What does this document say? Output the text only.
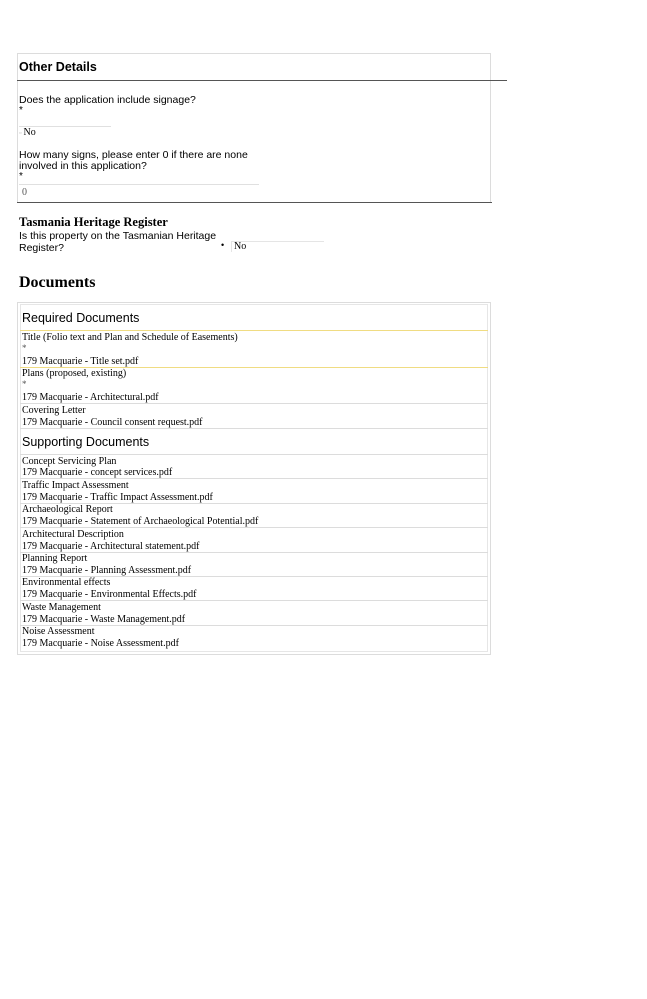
Other Details
Does the application include signage?
*
▫ No
How many signs, please enter 0 if there are none
involved in this application?
*
0
Tasmania Heritage Register
Is this property on the Tasmanian Heritage
Register?	• No
Documents
Required Documents
Title (Folio text and Plan and Schedule of Easements)
*
179 Macquarie - Title set.pdf
Plans (proposed, existing)
*
179 Macquarie - Architectural.pdf
Covering Letter
179 Macquarie - Council consent request.pdf
Supporting Documents
Concept Servicing Plan
179 Macquarie - concept services.pdf
Traffic Impact Assessment
179 Macquarie - Traffic Impact Assessment.pdf
Archaeological Report
179 Macquarie - Statement of Archaeological Potential.pdf
Architectural Description
179 Macquarie - Architectural statement.pdf
Planning Report
179 Macquarie - Planning Assessment.pdf
Environmental effects
179 Macquarie - Environmental Effects.pdf
Waste Management
179 Macquarie - Waste Management.pdf
Noise Assessment
179 Macquarie - Noise Assessment.pdf
